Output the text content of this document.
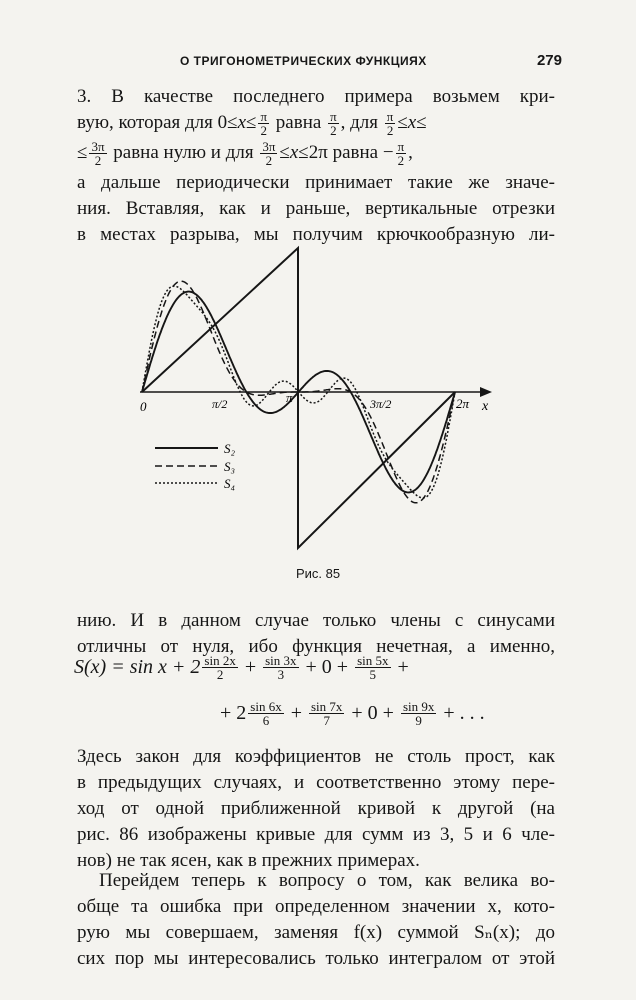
О ТРИГОНОМЕТРИЧЕСКИХ ФУНКЦИЯХ	279
3. В качестве последнего примера возьмем кри-
вую, которая для $0\le x\le \frac{\pi}{2}$ равна $\frac{\pi}{2}$ , для $\frac{\pi}{2} \le x\le$
≤ $\frac{3\pi}{2}$ равна нулю и для $\frac{3\pi}{2} \le x\le 2\pi$ равна − $\frac{\pi}{2}$ ,
а дальше периодически принимает такие же значе-
ния. Вставляя, как и раньше, вертикальные отрезки
в местах разрыва, мы получим крючкообразную ли-
0	π/2	π	3π/2	2π x
S₂
S₃
S₄
Рис. 85
нию. И в данном случае только члены с синусами
отличны от нуля, ибо функция нечетная, а именно,
$S(x) = \sin x + 2 \frac{\sin 2x}{2} + \frac{\sin 3x}{3} + 0 + \frac{\sin 5x}{5}$ +
+ $2 \frac{\sin 6x}{6} + \frac{\sin 7x}{7} + 0 + \frac{\sin 9x}{9}$ + . . .
Здесь закон для коэффициентов не столь прост, как
в предыдущих случаях, и соответственно этому пере-
ход от одной приближенной кривой к другой (на
рис. 86 изображены кривые для сумм из 3, 5 и 6 чле-
нов) не так ясен, как в прежних примерах.
Перейдем теперь к вопросу о том, как велика во-
обще та ошибка при определенном значении x, кото-
рую мы совершаем, заменяя f(x) суммой Sₙ(x); до
сих пор мы интересовались только интегралом от этой
